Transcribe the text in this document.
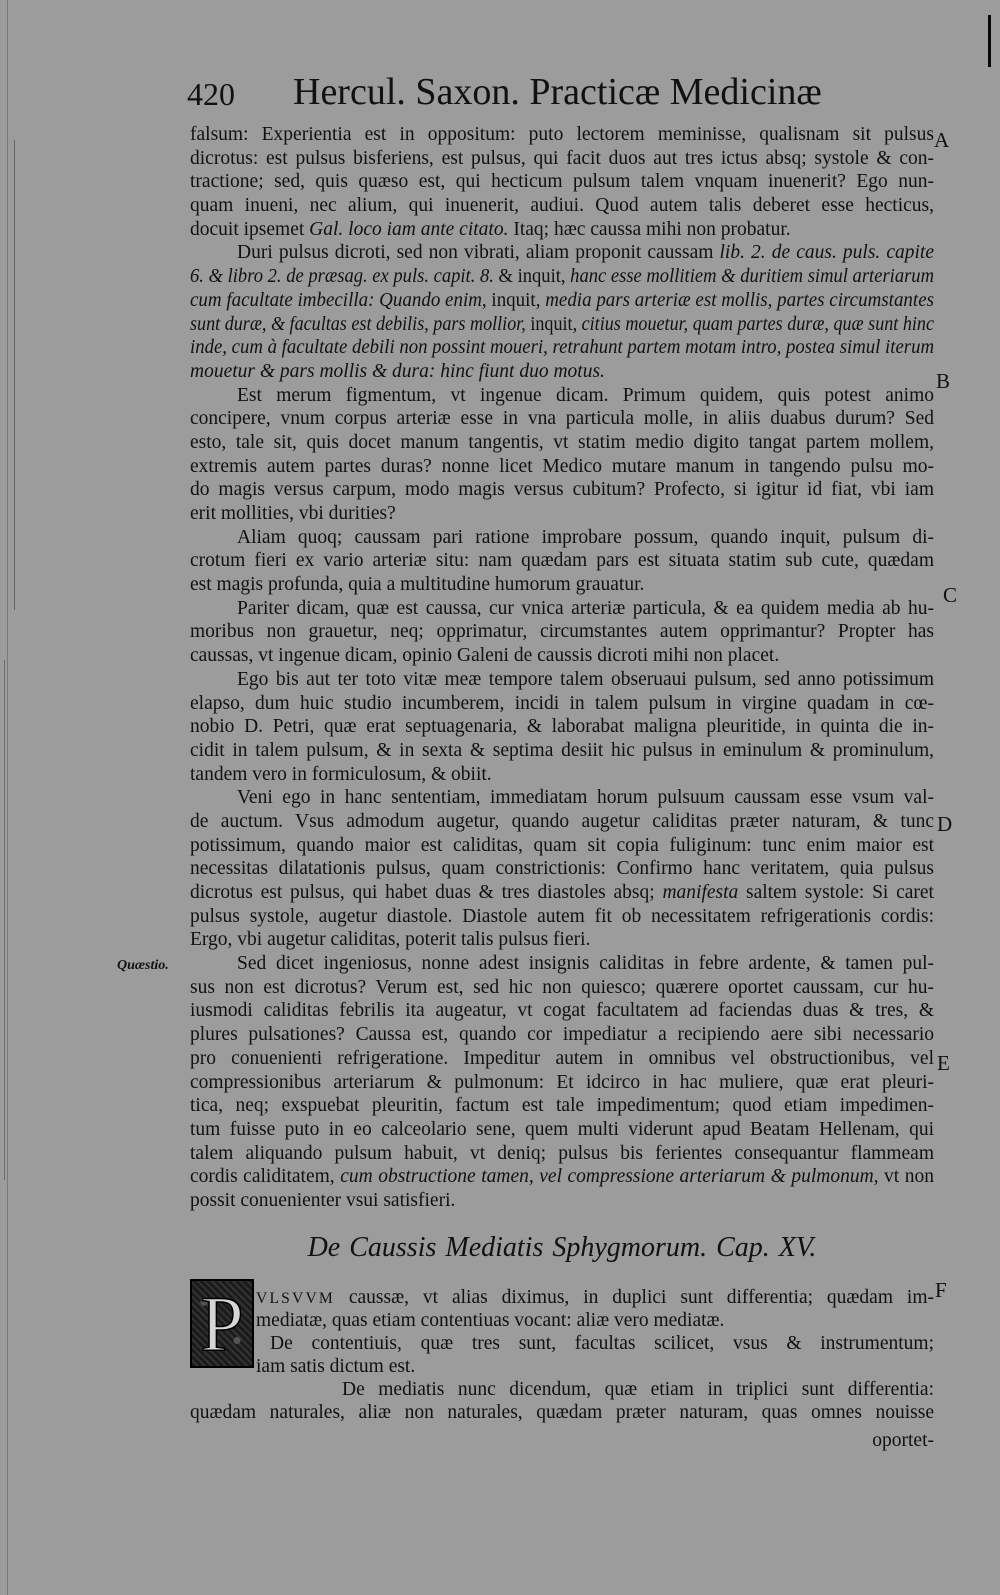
420 Hercul. Saxon. Practicæ Medicinæ
falsum: Experientia est in oppositum: puto lectorem meminisse, qualisnam sit pulsus
dicrotus: est pulsus bisferiens, est pulsus, qui facit duos aut tres ictus absq; systole & con-
tractione; sed, quis quæso est, qui hecticum pulsum talem vnquam inuenerit? Ego nun-
quam inueni, nec alium, qui inuenerit, audiui. Quod autem talis deberet esse hecticus,
docuit ipsemet Gal. loco iam ante citato. Itaq; hæc caussa mihi non probatur.
Duri pulsus dicroti, sed non vibrati, aliam proponit caussam lib. 2. de caus. puls. capite
6. & libro 2. de præsag. ex puls. capit. 8. & inquit, hanc esse mollitiem & duritiem simul arteriarum
cum facultate imbecilla: Quando enim, inquit, media pars arteriæ est mollis, partes circumstantes
sunt duræ, & facultas est debilis, pars mollior, inquit, citius mouetur, quam partes duræ, quæ sunt hinc
inde, cum à facultate debili non possint moueri, retrahunt partem motam intro, postea simul iterum
mouetur & pars mollis & dura: hinc fiunt duo motus.
Est merum figmentum, vt ingenue dicam. Primum quidem, quis potest animo
concipere, vnum corpus arteriæ esse in vna particula molle, in aliis duabus durum? Sed
esto, tale sit, quis docet manum tangentis, vt statim medio digito tangat partem mollem,
extremis autem partes duras? nonne licet Medico mutare manum in tangendo pulsu mo-
do magis versus carpum, modo magis versus cubitum? Profecto, si igitur id fiat, vbi iam
erit mollities, vbi durities?
Aliam quoq; caussam pari ratione improbare possum, quando inquit, pulsum di-
crotum fieri ex vario arteriæ situ: nam quædam pars est situata statim sub cute, quædam
est magis profunda, quia a multitudine humorum grauatur.
Pariter dicam, quæ est caussa, cur vnica arteriæ particula, & ea quidem media ab hu-
moribus non grauetur, neq; opprimatur, circumstantes autem opprimantur? Propter has
caussas, vt ingenue dicam, opinio Galeni de caussis dicroti mihi non placet.
Ego bis aut ter toto vitæ meæ tempore talem obseruaui pulsum, sed anno potissimum
elapso, dum huic studio incumberem, incidi in talem pulsum in virgine quadam in cœ-
nobio D. Petri, quæ erat septuagenaria, & laborabat maligna pleuritide, in quinta die in-
cidit in talem pulsum, & in sexta & septima desiit hic pulsus in eminulum & prominulum,
tandem vero in formiculosum, & obiit.
Veni ego in hanc sententiam, immediatam horum pulsuum caussam esse vsum val-
de auctum. Vsus admodum augetur, quando augetur caliditas præter naturam, & tunc
potissimum, quando maior est caliditas, quam sit copia fuliginum: tunc enim maior est
necessitas dilatationis pulsus, quam constrictionis: Confirmo hanc veritatem, quia pulsus
dicrotus est pulsus, qui habet duas & tres diastoles absq; manifesta saltem systole: Si caret
pulsus systole, augetur diastole. Diastole autem fit ob necessitatem refrigerationis cordis:
Ergo, vbi augetur caliditas, poterit talis pulsus fieri.
Sed dicet ingeniosus, nonne adest insignis caliditas in febre ardente, & tamen pul-
sus non est dicrotus? Verum est, sed hic non quiesco; quærere oportet caussam, cur hu-
iusmodi caliditas febrilis ita augeatur, vt cogat facultatem ad faciendas duas & tres, &
plures pulsationes? Caussa est, quando cor impediatur a recipiendo aere sibi necessario
pro conuenienti refrigeratione. Impeditur autem in omnibus vel obstructionibus, vel
compressionibus arteriarum & pulmonum: Et idcirco in hac muliere, quæ erat pleuri-
tica, neq; exspuebat pleuritin, factum est tale impedimentum; quod etiam impedimen-
tum fuisse puto in eo calceolario sene, quem multi viderunt apud Beatam Hellenam, qui
talem aliquando pulsum habuit, vt deniq; pulsus bis ferientes consequantur flammeam
cordis caliditatem, cum obstructione tamen, vel compressione arteriarum & pulmonum, vt non
possit conuenienter vsui satisfieri.
A
B
C
D
E
F
Quæstio.
De Caussis Mediatis Sphygmorum. Cap. XV.
P VLSVVM caussæ, vt alias diximus, in duplici sunt differentia; quædam im-
mediatæ, quas etiam contentiuas vocant: aliæ vero mediatæ.
De contentiuis, quæ tres sunt, facultas scilicet, vsus & instrumentum;
iam satis dictum est.
De mediatis nunc dicendum, quæ etiam in triplici sunt differentia:
quædam naturales, aliæ non naturales, quædam præter naturam, quas omnes nouisse
oportet-
